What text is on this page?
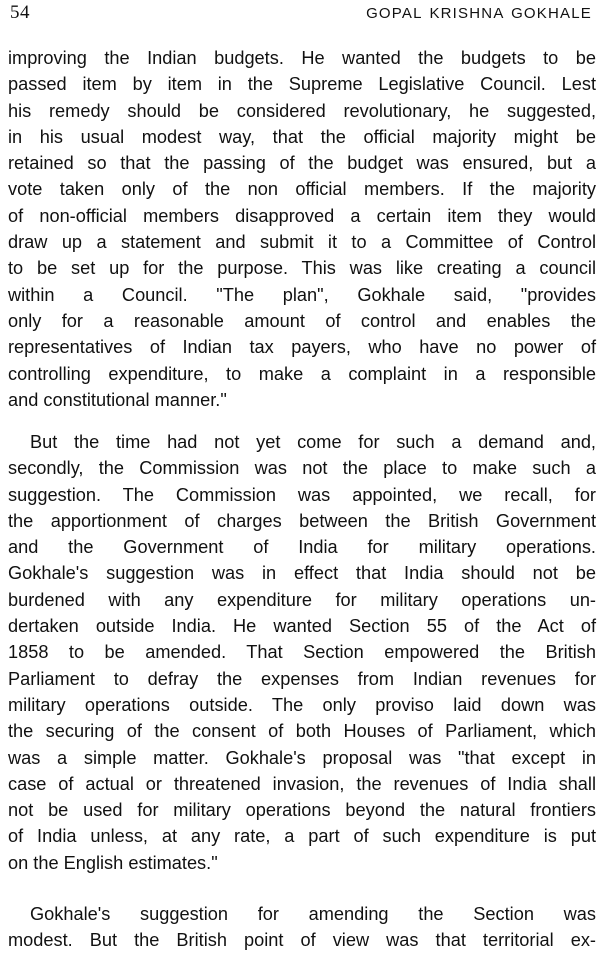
54	GOPAL KRISHNA GOKHALE
improving the Indian budgets. He wanted the budgets to be
passed item by item in the Supreme Legislative Council. Lest
his remedy should be considered revolutionary, he suggested,
in his usual modest way, that the official majority might be
retained so that the passing of the budget was ensured, but a
vote taken only of the non official members. If the majority
of non-official members disapproved a certain item they would
draw up a statement and submit it to a Committee of Control
to be set up for the purpose. This was like creating a council
within a Council. "The plan", Gokhale said, "provides
only for a reasonable amount of control and enables the
representatives of Indian tax payers, who have no power of
controlling expenditure, to make a complaint in a responsible
and constitutional manner."
But the time had not yet come for such a demand and,
secondly, the Commission was not the place to make such a
suggestion. The Commission was appointed, we recall, for
the apportionment of charges between the British Government
and the Government of India for military operations.
Gokhale's suggestion was in effect that India should not be
burdened with any expenditure for military operations un-
dertaken outside India. He wanted Section 55 of the Act of
1858 to be amended. That Section empowered the British
Parliament to defray the expenses from Indian revenues for
military operations outside. The only proviso laid down was
the securing of the consent of both Houses of Parliament, which
was a simple matter. Gokhale's proposal was "that except in
case of actual or threatened invasion, the revenues of India shall
not be used for military operations beyond the natural frontiers
of India unless, at any rate, a part of such expenditure is put
on the English estimates."
Gokhale's suggestion for amending the Section was
modest. But the British point of view was that territorial ex-
